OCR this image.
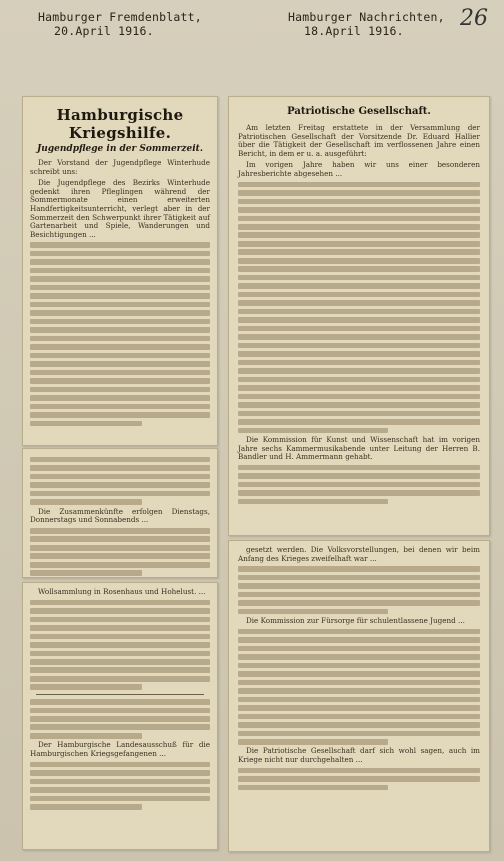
Hamburger Fremdenblatt,
20.April 1916.
Hamburger Nachrichten,
18.April 1916.	26
Hamburgische Kriegshilfe.
Jugendpflege in der Sommerzeit.

Der Vorstand der Jugendpflege Winterhude schreibt uns:

Die Jugendpflege des Bezirks Winterhude gedenkt ihren Pfleglingen während der Sommermonate einen erweiterten Handfertigkeitsunterricht, verlegt aber in der Sommerzeit den Schwerpunkt ihrer Tätigkeit auf Gartenarbeit und Spiele, Wanderungen und Besichtigungen ...

Die Zusammenkünfte erfolgen Dienstags, Donnerstags und Sonnabends ...

Wollsammlung in Rosenhaus und Hohelust. ...

Der Hamburgische Landesausschuß für die Hamburgischen Kriegsgefangenen ...

Patriotische Gesellschaft.

Am letzten Freitag erstattete in der Versammlung der Patriotischen Gesellschaft der Vorsitzende Dr. Eduard Hallier über die Tätigkeit der Gesellschaft im verflossenen Jahre einen Bericht, in dem er u. a. ausgeführt:

Im vorigen Jahre haben wir uns einer besonderen Jahresberichte abgesehen ...

Die Kommission für Kunst und Wissenschaft hat im vorigen Jahre sechs Kammermusikabende unter Leitung der Herren B. Bandler und H. Ammermann gehabt.

gesetzt werden. Die Volksvorstellungen, bei denen wir beim Anfang des Krieges zweifelhaft war ...

Die Kommission zur Fürsorge für schulentlassene Jugend ...

Die Patriotische Gesellschaft darf sich wohl sagen, auch im Kriege nicht nur durchgehalten ...
